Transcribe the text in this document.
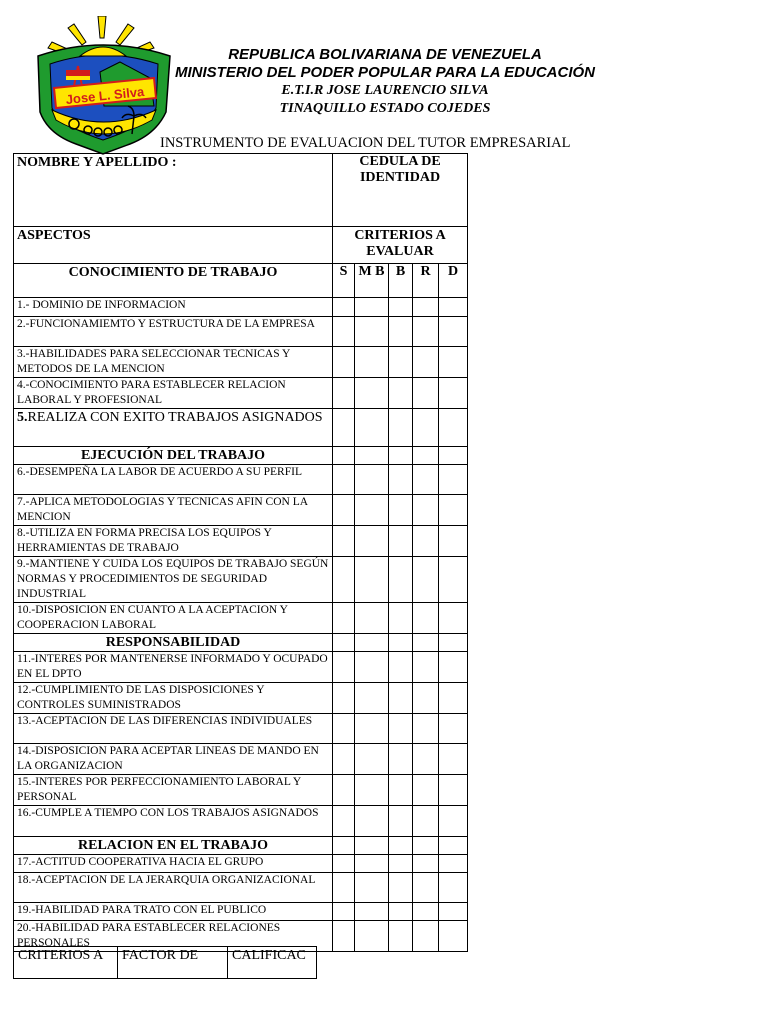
Jose L. Silva
REPUBLICA BOLIVARIANA DE VENEZUELA
MINISTERIO DEL PODER POPULAR PARA LA EDUCACIÓN
E.T.I.R JOSE LAURENCIO SILVA
TINAQUILLO ESTADO COJEDES
INSTRUMENTO DE EVALUACION DEL TUTOR EMPRESARIAL
NOMBRE Y APELLIDO :	CEDULA DE IDENTIDAD				
ASPECTOS	CRITERIOS A EVALUAR				
CONOCIMIENTO DE TRABAJO	S	M B	B	R	D
1.- DOMINIO DE INFORMACION					
2.-FUNCIONAMIEMTO Y ESTRUCTURA DE LA EMPRESA					
3.-HABILIDADES PARA SELECCIONAR TECNICAS Y METODOS DE LA MENCION					
4.-CONOCIMIENTO PARA ESTABLECER RELACION LABORAL Y PROFESIONAL					
5.REALIZA CON EXITO TRABAJOS ASIGNADOS					
EJECUCIÓN DEL TRABAJO					
6.-DESEMPEÑA LA LABOR DE ACUERDO A SU PERFIL					
7.-APLICA METODOLOGIAS Y TECNICAS AFIN CON LA MENCION					
8.-UTILIZA EN FORMA PRECISA LOS EQUIPOS Y HERRAMIENTAS DE TRABAJO					
9.-MANTIENE Y CUIDA LOS EQUIPOS DE TRABAJO SEGÚN NORMAS Y PROCEDIMIENTOS DE SEGURIDAD INDUSTRIAL					
10.-DISPOSICION EN CUANTO A LA ACEPTACION Y COOPERACION LABORAL					
RESPONSABILIDAD					
11.-INTERES POR MANTENERSE INFORMADO Y OCUPADO EN EL DPTO					
12.-CUMPLIMIENTO DE LAS DISPOSICIONES Y CONTROLES SUMINISTRADOS					
13.-ACEPTACION DE LAS DIFERENCIAS INDIVIDUALES					
14.-DISPOSICION PARA ACEPTAR LINEAS DE MANDO EN LA ORGANIZACION					
15.-INTERES POR PERFECCIONAMIENTO LABORAL Y PERSONAL					
16.-CUMPLE A TIEMPO CON LOS TRABAJOS ASIGNADOS					
RELACION EN EL TRABAJO					
17.-ACTITUD COOPERATIVA HACIA EL GRUPO					
18.-ACEPTACION DE LA JERARQUIA ORGANIZACIONAL					
19.-HABILIDAD PARA TRATO CON EL PUBLICO					
20.-HABILIDAD PARA ESTABLECER RELACIONES PERSONALES					
CRITERIOS A	FACTOR DE	CALIFICAC
